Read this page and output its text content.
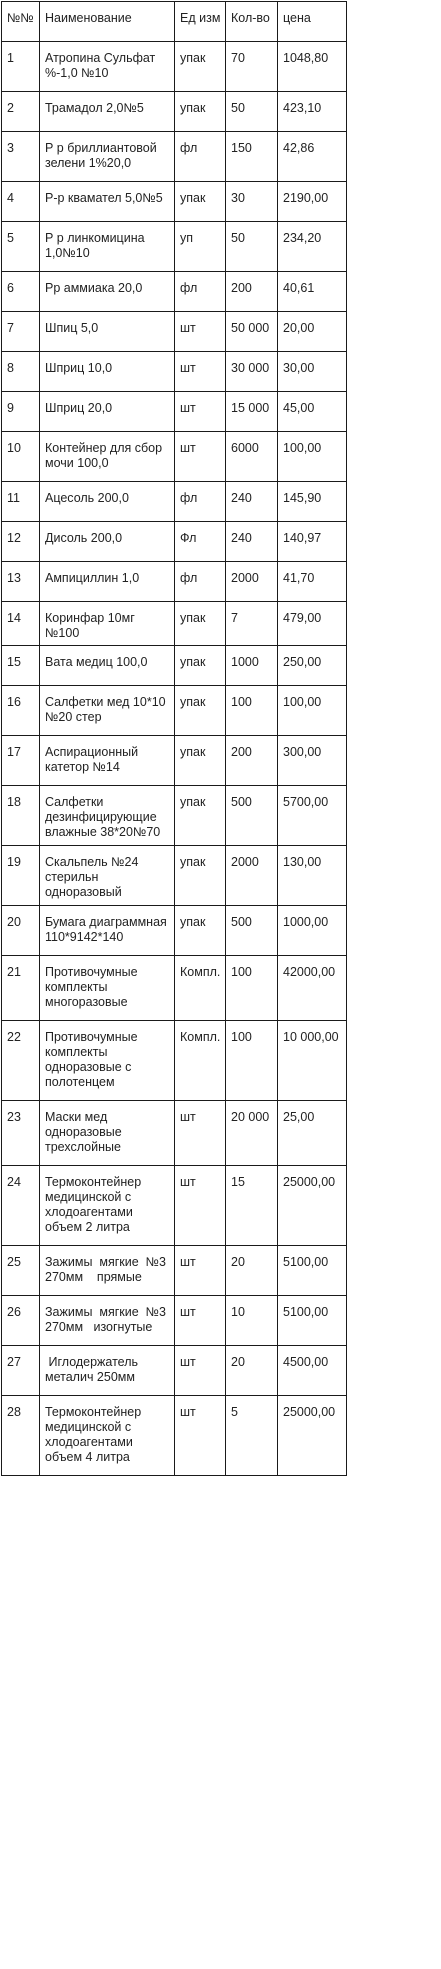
№№	Наименование	Ед изм	Кол-во	цена
1	Атропина Сульфат %-1,0 №10	упак	70	1048,80
2	Трамадол 2,0№5	упак	50	423,10
3	Р р бриллиантовой зелени 1%20,0	фл	150	42,86
4	Р-р квамател 5,0№5	упак	30	2190,00
5	Р р линкомицина 1,0№10	уп	50	234,20
6	Рр аммиака 20,0	фл	200	40,61
7	Шпиц 5,0	шт	50 000	20,00
8	Шприц 10,0	шт	30 000	30,00
9	Шприц 20,0	шт	15 000	45,00
10	Контейнер для сбор мочи 100,0	шт	6000	100,00
11	Ацесоль 200,0	фл	240	145,90
12	Дисоль 200,0	Фл	240	140,97
13	Ампициллин 1,0	фл	2000	41,70
14	Коринфар 10мг №100	упак	7	479,00
15	Вата медиц 100,0	упак	1000	250,00
16	Салфетки мед 10*10 №20 стер	упак	100	100,00
17	Аспирационный катетор №14	упак	200	300,00
18	Салфетки дезинфицирующие влажные 38*20№70	упак	500	5700,00
19	Скальпель №24 стерильн одноразовый	упак	2000	130,00
20	Бумага диаграммная 110*9142*140	упак	500	1000,00
21	Противочумные комплекты многоразовые	Компл.	100	42000,00
22	Противочумные комплекты одноразовые с полотенцем	Компл.	100	10 000,00
23	Маски мед одноразовые трехслойные	шт	20 000	25,00
24	Термоконтейнер медицинской с хлодоагентами объем 2 литра	шт	15	25000,00
25	Зажимы  мягкие  №3 270мм    прямые	шт	20	5100,00
26	Зажимы  мягкие  №3 270мм   изогнутые	шт	10	5100,00
27	Иглодержатель металич 250мм	шт	20	4500,00
28	Термоконтейнер медицинской с хлодоагентами объем 4 литра	шт	5	25000,00
